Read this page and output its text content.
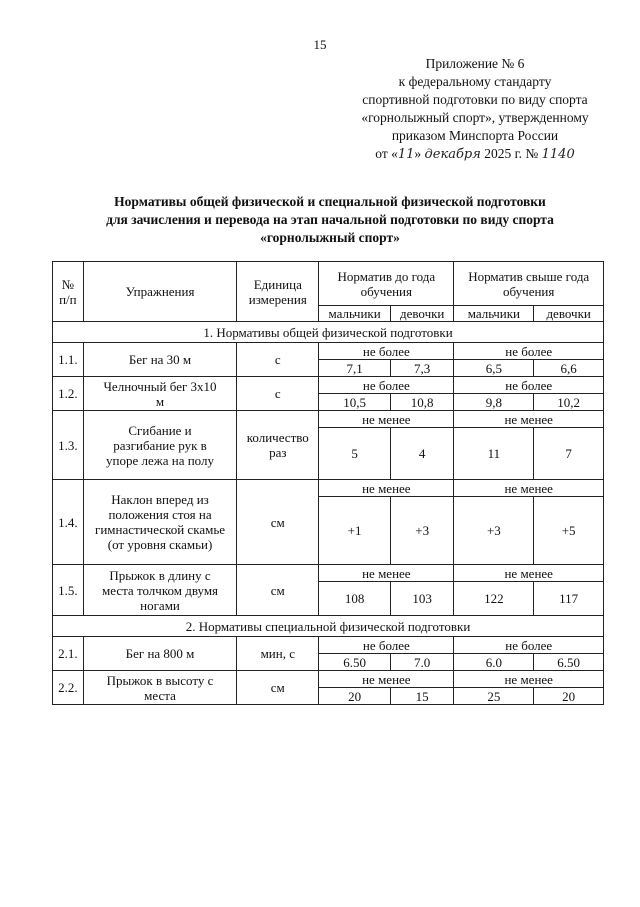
15
Приложение № 6
к федеральному стандарту
спортивной подготовки по виду спорта
«горнолыжный спорт», утвержденному
приказом Минспорта России
от «11» декабря 2025 г. № 1140
Нормативы общей физической и специальной физической подготовки
для зачисления и перевода на этап начальной подготовки по виду спорта
«горнолыжный спорт»
№ п/п	Упражнения	Единица измерения	Норматив до года обучения		Норматив свыше года обучения	
			мальчики	девочки	мальчики	девочки
1. Нормативы общей физической подготовки						
1.1.	Бег на 30 м	с	не более		не более	
			7,1	7,3	6,5	6,6
1.2.	Челночный бег 3х10 м	с	не более		не более	
			10,5	10,8	9,8	10,2
1.3.	Сгибание и разгибание рук в упоре лежа на полу	количество раз	не менее		не менее	
			5	4	11	7
1.4.	Наклон вперед из положения стоя на гимнастической скамье (от уровня скамьи)	см	не менее		не менее	
			+1	+3	+3	+5
1.5.	Прыжок в длину с места толчком двумя ногами	см	не менее		не менее	
			108	103	122	117
2. Нормативы специальной физической подготовки						
2.1.	Бег на 800 м	мин, с	не более		не более	
			6.50	7.0	6.0	6.50
2.2.	Прыжок в высоту с места	см	не менее		не менее	
			20	15	25	20
